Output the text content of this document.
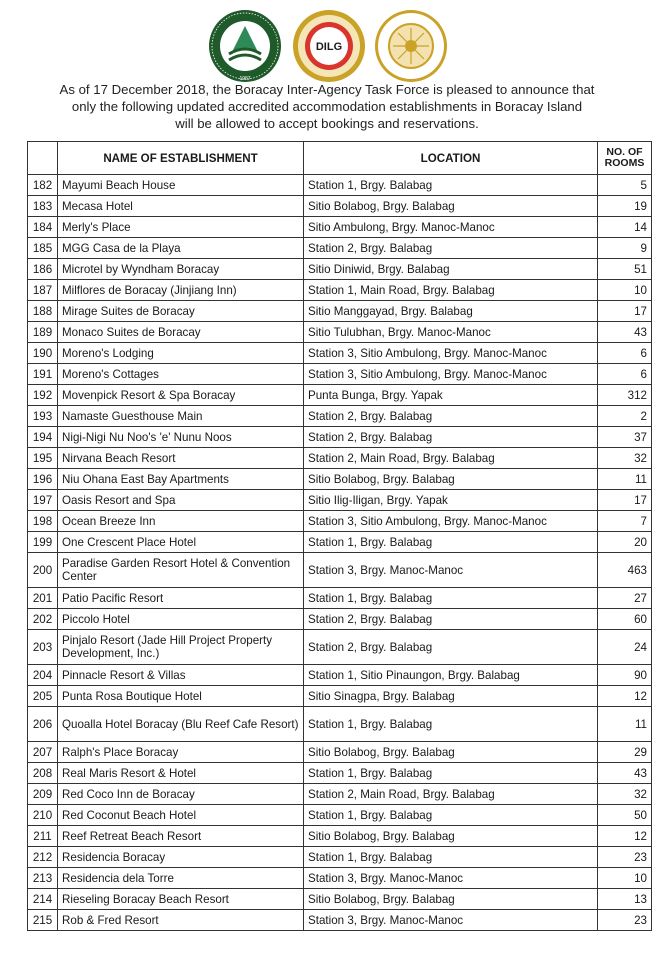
1987
DILG
As of 17 December 2018, the Boracay Inter-Agency Task Force is pleased to announce that
only the following updated accredited accommodation establishments in Boracay Island
will be allowed to accept bookings and reservations.
	NAME OF ESTABLISHMENT	LOCATION	NO. OF ROOMS
182	Mayumi Beach House	Station 1, Brgy. Balabag	5
183	Mecasa Hotel	Sitio Bolabog, Brgy. Balabag	19
184	Merly's Place	Sitio Ambulong, Brgy. Manoc-Manoc	14
185	MGG Casa de la Playa	Station 2, Brgy. Balabag	9
186	Microtel by Wyndham Boracay	Sitio Diniwid, Brgy. Balabag	51
187	Milflores de Boracay (Jinjiang Inn)	Station 1, Main Road, Brgy. Balabag	10
188	Mirage Suites de Boracay	Sitio Manggayad, Brgy. Balabag	17
189	Monaco Suites de Boracay	Sitio Tulubhan, Brgy. Manoc-Manoc	43
190	Moreno's Lodging	Station 3, Sitio Ambulong, Brgy. Manoc-Manoc	6
191	Moreno's Cottages	Station 3, Sitio Ambulong, Brgy. Manoc-Manoc	6
192	Movenpick Resort & Spa Boracay	Punta Bunga, Brgy. Yapak	312
193	Namaste Guesthouse Main	Station 2, Brgy. Balabag	2
194	Nigi-Nigi Nu Noo's 'e' Nunu Noos	Station 2, Brgy. Balabag	37
195	Nirvana Beach Resort	Station 2, Main Road, Brgy. Balabag	32
196	Niu Ohana East Bay Apartments	Sitio Bolabog, Brgy. Balabag	11
197	Oasis Resort and Spa	Sitio Ilig-Iligan, Brgy. Yapak	17
198	Ocean Breeze Inn	Station 3, Sitio Ambulong, Brgy. Manoc-Manoc	7
199	One Crescent Place Hotel	Station 1, Brgy. Balabag	20
200	Paradise Garden Resort Hotel & Convention Center	Station 3, Brgy. Manoc-Manoc	463
201	Patio Pacific Resort	Station 1, Brgy. Balabag	27
202	Piccolo Hotel	Station 2, Brgy. Balabag	60
203	Pinjalo Resort (Jade Hill Project Property Development, Inc.)	Station 2, Brgy. Balabag	24
204	Pinnacle Resort & Villas	Station 1, Sitio Pinaungon, Brgy. Balabag	90
205	Punta Rosa Boutique Hotel	Sitio Sinagpa, Brgy. Balabag	12
206	Quoalla Hotel Boracay (Blu Reef Cafe Resort)	Station 1, Brgy. Balabag	11
207	Ralph's Place Boracay	Sitio Bolabog, Brgy. Balabag	29
208	Real Maris Resort & Hotel	Station 1, Brgy. Balabag	43
209	Red Coco Inn de Boracay	Station 2, Main Road, Brgy. Balabag	32
210	Red Coconut Beach Hotel	Station 1, Brgy. Balabag	50
211	Reef Retreat Beach Resort	Sitio Bolabog, Brgy. Balabag	12
212	Residencia Boracay	Station 1, Brgy. Balabag	23
213	Residencia dela Torre	Station 3, Brgy. Manoc-Manoc	10
214	Rieseling Boracay Beach Resort	Sitio Bolabog, Brgy. Balabag	13
215	Rob & Fred Resort	Station 3, Brgy. Manoc-Manoc	23
